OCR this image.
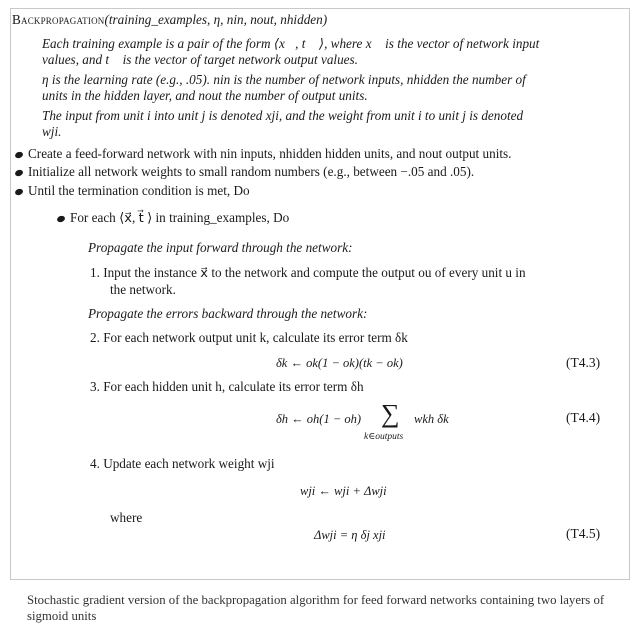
Backpropagation(training_examples, η, nin, nout, nhidden)
Each training example is a pair of the form ⟨x⃗, t⃗ ⟩, where x⃗ is the vector of network input
values, and t⃗ is the vector of target network output values.
η is the learning rate (e.g., .05). nin is the number of network inputs, nhidden the number of
units in the hidden layer, and nout the number of output units.
The input from unit i into unit j is denoted xji, and the weight from unit i to unit j is denoted
wji.
Create a feed-forward network with nin inputs, nhidden hidden units, and nout output units.
Initialize all network weights to small random numbers (e.g., between −.05 and .05).
Until the termination condition is met, Do
For each ⟨x⃗, t⃗ ⟩ in training_examples, Do
Propagate the input forward through the network:
1. Input the instance x⃗ to the network and compute the output ou of every unit u in
the network.
Propagate the errors backward through the network:
2. For each network output unit k, calculate its error term δk
δk ← ok(1 − ok)(tk − ok)	(T4.3)
3. For each hidden unit h, calculate its error term δh
δh ← oh(1 − oh) ∑
k∈outputs
wkh δk	(T4.4)
4. Update each network weight wji
wji ← wji + Δwji
where
Δwji = η δj xji	(T4.5)
Stochastic gradient version of the backpropagation algorithm for feed forward networks containing two layers of sigmoid units
